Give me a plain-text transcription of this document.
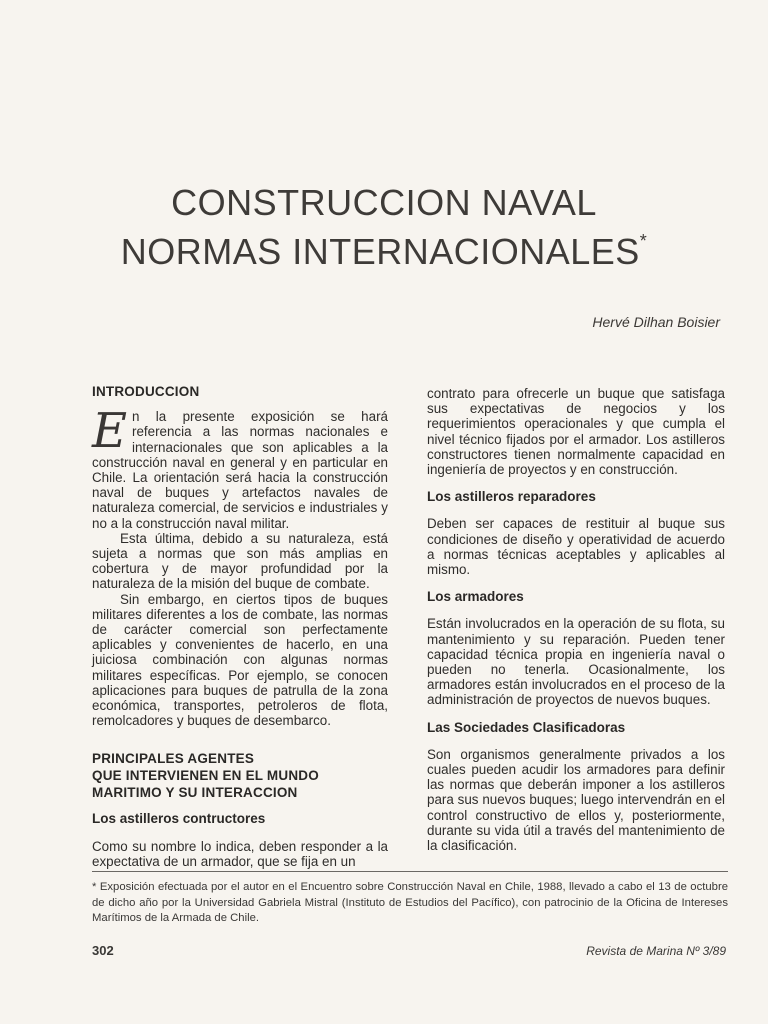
CONSTRUCCION NAVAL
NORMAS INTERNACIONALES*
Hervé Dilhan Boisier
INTRODUCCION

En la presente exposición se hará referencia a las normas nacionales e internacionales que son aplicables a la construcción naval en general y en particular en Chile. La orientación será hacia la construcción naval de buques y artefactos navales de naturaleza comercial, de servicios e industriales y no a la construcción naval militar.

Esta última, debido a su naturaleza, está sujeta a normas que son más amplias en cobertura y de mayor profundidad por la naturaleza de la misión del buque de combate.

Sin embargo, en ciertos tipos de buques militares diferentes a los de combate, las normas de carácter comercial son perfectamente aplicables y convenientes de hacerlo, en una juiciosa combinación con algunas normas militares específicas. Por ejemplo, se conocen aplicaciones para buques de patrulla de la zona económica, transportes, petroleros de flota, remolcadores y buques de desembarco.

PRINCIPALES AGENTES
QUE INTERVIENEN EN EL MUNDO
MARITIMO Y SU INTERACCION
Los astilleros contructores

Como su nombre lo indica, deben responder a la expectativa de un armador, que se fija en un

contrato para ofrecerle un buque que satisfaga sus expectativas de negocios y los requerimientos operacionales y que cumpla el nivel técnico fijados por el armador. Los astilleros constructores tienen normalmente capacidad en ingeniería de proyectos y en construcción.

Los astilleros reparadores

Deben ser capaces de restituir al buque sus condiciones de diseño y operatividad de acuerdo a normas técnicas aceptables y aplicables al mismo.

Los armadores

Están involucrados en la operación de su flota, su mantenimiento y su reparación. Pueden tener capacidad técnica propia en ingeniería naval o pueden no tenerla. Ocasionalmente, los armadores están involucrados en el proceso de la administración de proyectos de nuevos buques.

Las Sociedades Clasificadoras

Son organismos generalmente privados a los cuales pueden acudir los armadores para definir las normas que deberán imponer a los astilleros para sus nuevos buques; luego intervendrán en el control constructivo de ellos y, posteriormente, durante su vida útil a través del mantenimiento de la clasificación.

* Exposición efectuada por el autor en el Encuentro sobre Construcción Naval en Chile, 1988, llevado a cabo el 13 de octubre de dicho año por la Universidad Gabriela Mistral (Instituto de Estudios del Pacífico), con patrocinio de la Oficina de Intereses Marítimos de la Armada de Chile.
302	Revista de Marina Nº 3/89
